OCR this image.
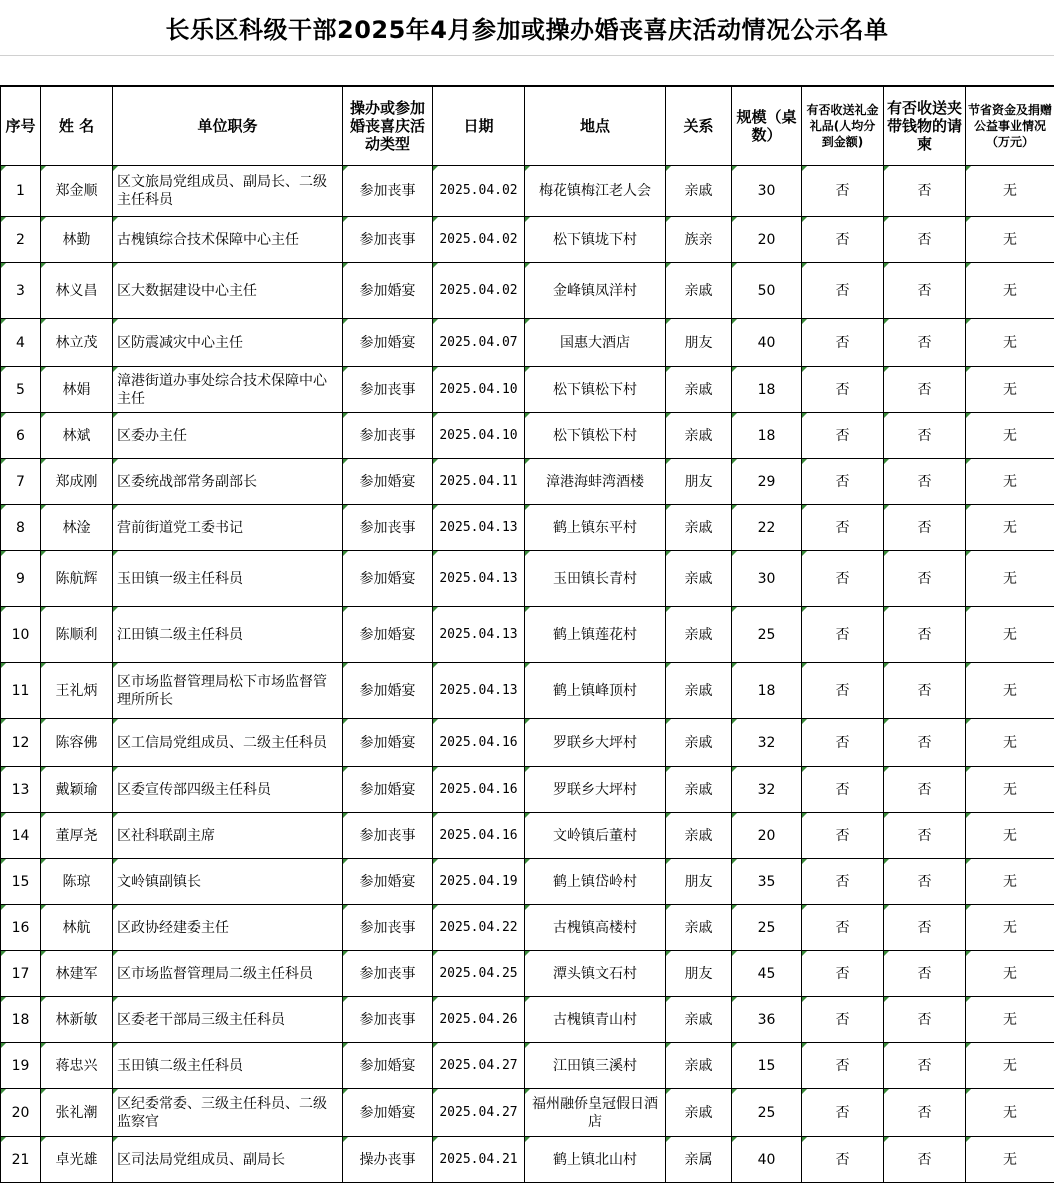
长乐区科级干部2025年4月参加或操办婚丧喜庆活动情况公示名单
序号	姓 名	单位职务	操办或参加婚丧喜庆活动类型	日期	地点	关系	规模（桌数）	有否收送礼金礼品(人均分到金额)	有否收送夹带钱物的请柬	节省资金及捐赠公益事业情况（万元）
1	郑金顺	区文旅局党组成员、副局长、二级主任科员	参加丧事	2025.04.02	梅花镇梅江老人会	亲戚	30	否	否	无
2	林勤	古槐镇综合技术保障中心主任	参加丧事	2025.04.02	松下镇垅下村	族亲	20	否	否	无
3	林义昌	区大数据建设中心主任	参加婚宴	2025.04.02	金峰镇凤洋村	亲戚	50	否	否	无
4	林立茂	区防震减灾中心主任	参加婚宴	2025.04.07	国惠大酒店	朋友	40	否	否	无
5	林娟	漳港街道办事处综合技术保障中心主任	参加丧事	2025.04.10	松下镇松下村	亲戚	18	否	否	无
6	林斌	区委办主任	参加丧事	2025.04.10	松下镇松下村	亲戚	18	否	否	无
7	郑成刚	区委统战部常务副部长	参加婚宴	2025.04.11	漳港海蚌湾酒楼	朋友	29	否	否	无
8	林淦	营前街道党工委书记	参加丧事	2025.04.13	鹤上镇东平村	亲戚	22	否	否	无
9	陈航辉	玉田镇一级主任科员	参加婚宴	2025.04.13	玉田镇长青村	亲戚	30	否	否	无
10	陈顺利	江田镇二级主任科员	参加婚宴	2025.04.13	鹤上镇莲花村	亲戚	25	否	否	无
11	王礼炳	区市场监督管理局松下市场监督管理所所长	参加婚宴	2025.04.13	鹤上镇峰顶村	亲戚	18	否	否	无
12	陈容佛	区工信局党组成员、二级主任科员	参加婚宴	2025.04.16	罗联乡大坪村	亲戚	32	否	否	无
13	戴颖瑜	区委宣传部四级主任科员	参加婚宴	2025.04.16	罗联乡大坪村	亲戚	32	否	否	无
14	董厚尧	区社科联副主席	参加丧事	2025.04.16	文岭镇后董村	亲戚	20	否	否	无
15	陈琼	文岭镇副镇长	参加婚宴	2025.04.19	鹤上镇岱岭村	朋友	35	否	否	无
16	林航	区政协经建委主任	参加丧事	2025.04.22	古槐镇高楼村	亲戚	25	否	否	无
17	林建军	区市场监督管理局二级主任科员	参加丧事	2025.04.25	潭头镇文石村	朋友	45	否	否	无
18	林新敏	区委老干部局三级主任科员	参加丧事	2025.04.26	古槐镇青山村	亲戚	36	否	否	无
19	蒋忠兴	玉田镇二级主任科员	参加婚宴	2025.04.27	江田镇三溪村	亲戚	15	否	否	无
20	张礼潮	区纪委常委、三级主任科员、二级监察官	参加婚宴	2025.04.27	福州融侨皇冠假日酒店	亲戚	25	否	否	无
21	卓光雄	区司法局党组成员、副局长	操办丧事	2025.04.21	鹤上镇北山村	亲属	40	否	否	无
